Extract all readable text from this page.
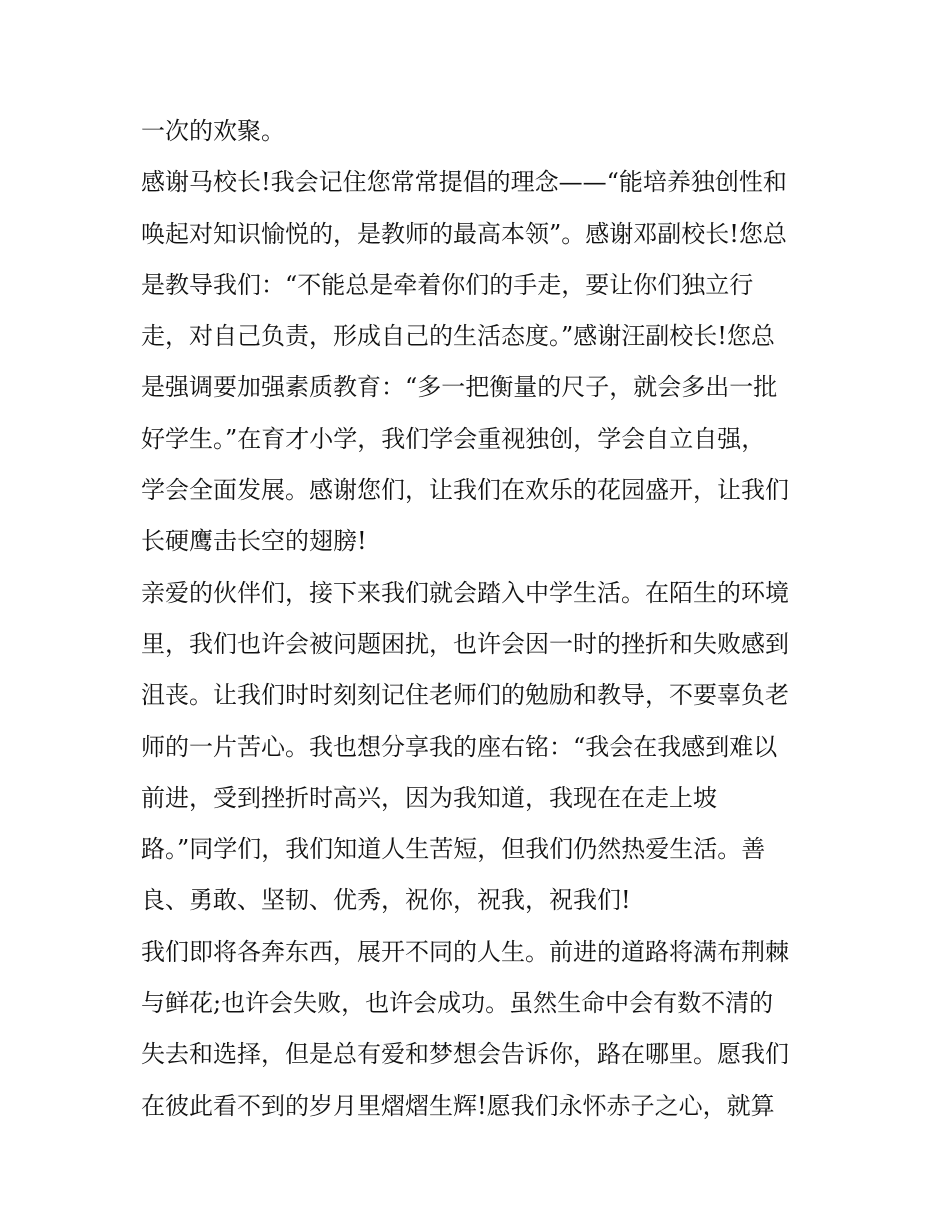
一次的欢聚。
感谢马校长!我会记住您常常提倡的理念——“能培养独创性和
唤起对知识愉悦的，是教师的最高本领”。感谢邓副校长!您总
是教导我们：“不能总是牵着你们的手走，要让你们独立行
走，对自己负责，形成自己的生活态度。”感谢汪副校长!您总
是强调要加强素质教育：“多一把衡量的尺子，就会多出一批
好学生。”在育才小学，我们学会重视独创，学会自立自强，
学会全面发展。感谢您们，让我们在欢乐的花园盛开，让我们
长硬鹰击长空的翅膀!
亲爱的伙伴们，接下来我们就会踏入中学生活。在陌生的环境
里，我们也许会被问题困扰，也许会因一时的挫折和失败感到
沮丧。让我们时时刻刻记住老师们的勉励和教导，不要辜负老
师的一片苦心。我也想分享我的座右铭：“我会在我感到难以
前进，受到挫折时高兴，因为我知道，我现在在走上坡
路。”同学们，我们知道人生苦短，但我们仍然热爱生活。善
良、勇敢、坚韧、优秀，祝你，祝我，祝我们!
我们即将各奔东西，展开不同的人生。前进的道路将满布荆棘
与鲜花;也许会失败，也许会成功。虽然生命中会有数不清的
失去和选择，但是总有爱和梦想会告诉你，路在哪里。愿我们
在彼此看不到的岁月里熠熠生辉!愿我们永怀赤子之心，就算
